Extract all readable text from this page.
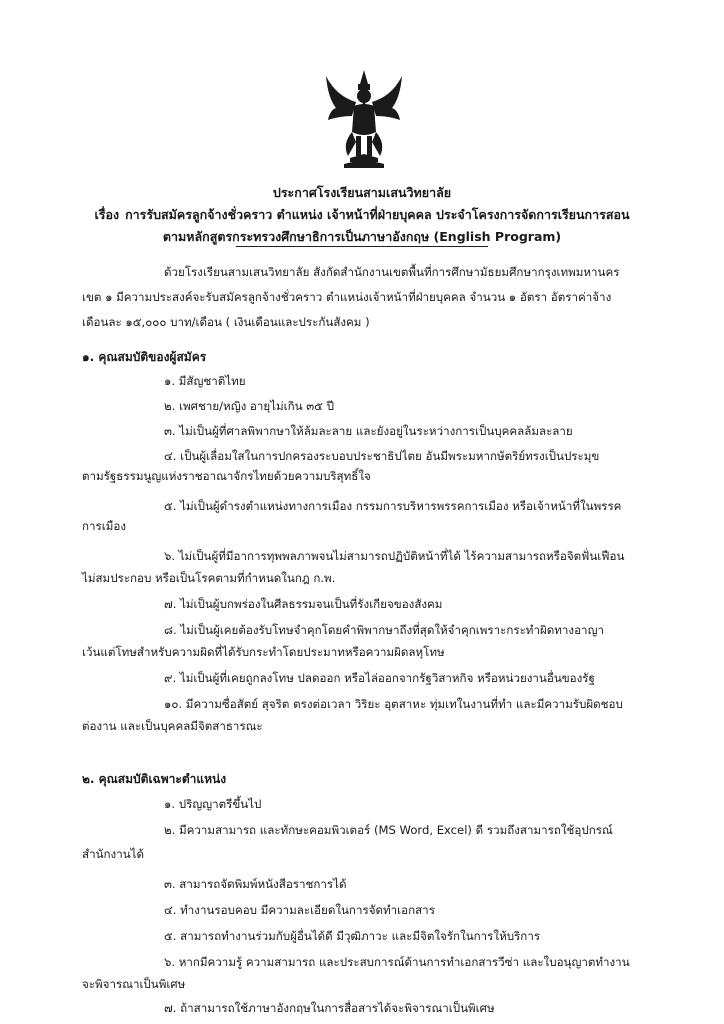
ประกาศโรงเรียนสามเสนวิทยาลัย
เรื่อง การรับสมัครลูกจ้างชั่วคราว ตำแหน่ง เจ้าหน้าที่ฝ่ายบุคคล ประจำโครงการจัดการเรียนการสอน
ตามหลักสูตรกระทรวงศึกษาธิการเป็นภาษาอังกฤษ (English Program)
ด้วยโรงเรียนสามเสนวิทยาลัย สังกัดสำนักงานเขตพื้นที่การศึกษามัธยมศึกษากรุงเทพมหานคร
เขต ๑ มีความประสงค์จะรับสมัครลูกจ้างชั่วคราว ตำแหน่งเจ้าหน้าที่ฝ่ายบุคคล จำนวน ๑ อัตรา อัตราค่าจ้าง
เดือนละ ๑๕,๐๐๐ บาท/เดือน ( เงินเดือนและประกันสังคม )
๑. คุณสมบัติของผู้สมัคร
๑. มีสัญชาติไทย
๒. เพศชาย/หญิง อายุไม่เกิน ๓๕ ปี
๓. ไม่เป็นผู้ที่ศาลพิพากษาให้ล้มละลาย และยังอยู่ในระหว่างการเป็นบุคคลล้มละลาย
๔. เป็นผู้เลื่อมใสในการปกครองระบอบประชาธิปไตย อันมีพระมหากษัตริย์ทรงเป็นประมุข
ตามรัฐธรรมนูญแห่งราชอาณาจักรไทยด้วยความบริสุทธิ์ใจ
๕. ไม่เป็นผู้ดำรงตำแหน่งทางการเมือง กรรมการบริหารพรรคการเมือง หรือเจ้าหน้าที่ในพรรค
การเมือง
๖. ไม่เป็นผู้ที่มีอาการทุพพลภาพจนไม่สามารถปฏิบัติหน้าที่ได้ ไร้ความสามารถหรือจิตฟั่นเฟือน
ไม่สมประกอบ หรือเป็นโรคตามที่กำหนดในกฎ ก.พ.
๗. ไม่เป็นผู้บกพร่องในศีลธรรมจนเป็นที่รังเกียจของสังคม
๘. ไม่เป็นผู้เคยต้องรับโทษจำคุกโดยคำพิพากษาถึงที่สุดให้จำคุกเพราะกระทำผิดทางอาญา
เว้นแต่โทษสำหรับความผิดที่ได้รับกระทำโดยประมาทหรือความผิดลหุโทษ
๙. ไม่เป็นผู้ที่เคยถูกลงโทษ ปลดออก หรือไล่ออกจากรัฐวิสาหกิจ หรือหน่วยงานอื่นของรัฐ
๑๐. มีความซื่อสัตย์ สุจริต ตรงต่อเวลา วิริยะ อุตสาหะ ทุ่มเทในงานที่ทำ และมีความรับผิดชอบ
ต่องาน และเป็นบุคคลมีจิตสาธารณะ
๒. คุณสมบัติเฉพาะตำแหน่ง
๑. ปริญญาตรีขึ้นไป
๒. มีความสามารถ และทักษะคอมพิวเตอร์ (MS Word, Excel) ดี รวมถึงสามารถใช้อุปกรณ์
สำนักงานได้
๓. สามารถจัดพิมพ์หนังสือราชการได้
๔. ทำงานรอบคอบ มีความละเอียดในการจัดทำเอกสาร
๕. สามารถทำงานร่วมกับผู้อื่นได้ดี มีวุฒิภาวะ และมีจิตใจรักในการให้บริการ
๖. หากมีความรู้ ความสามารถ และประสบการณ์ด้านการทำเอกสารวีซ่า และใบอนุญาตทำงาน
จะพิจารณาเป็นพิเศษ
๗. ถ้าสามารถใช้ภาษาอังกฤษในการสื่อสารได้จะพิจารณาเป็นพิเศษ
